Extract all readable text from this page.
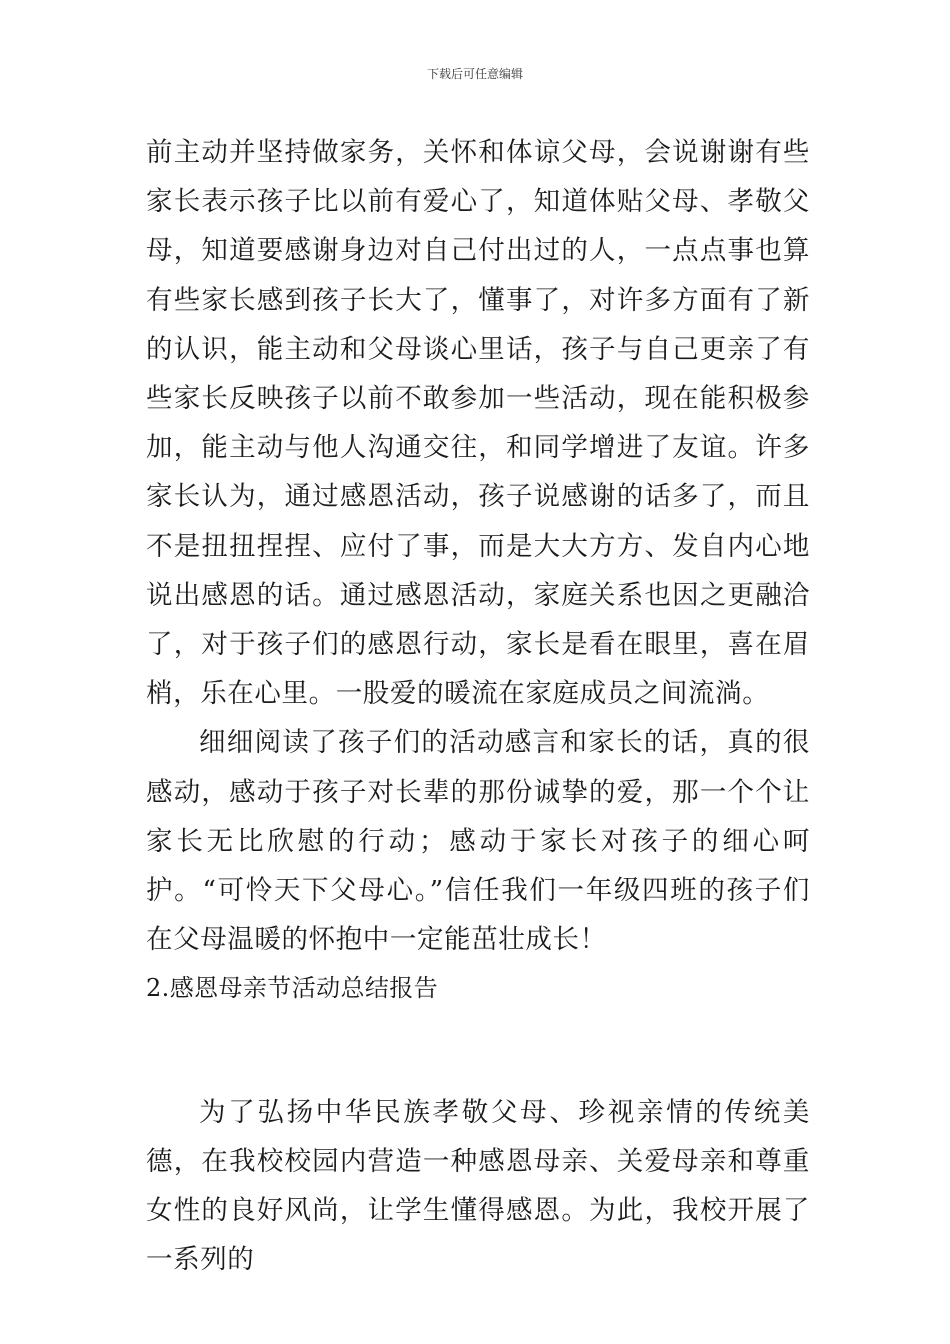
下载后可任意编辑

前主动并坚持做家务，关怀和体谅父母，会说谢谢有些家长表示孩子比以前有爱心了，知道体贴父母、孝敬父母，知道要感谢身边对自己付出过的人，一点点事也算有些家长感到孩子长大了，懂事了，对许多方面有了新的认识，能主动和父母谈心里话，孩子与自己更亲了有些家长反映孩子以前不敢参加一些活动，现在能积极参加，能主动与他人沟通交往，和同学增进了友谊。许多家长认为，通过感恩活动，孩子说感谢的话多了，而且不是扭扭捏捏、应付了事，而是大大方方、发自内心地说出感恩的话。通过感恩活动，家庭关系也因之更融洽了，对于孩子们的感恩行动，家长是看在眼里，喜在眉梢，乐在心里。一股爱的暖流在家庭成员之间流淌。

细细阅读了孩子们的活动感言和家长的话，真的很感动，感动于孩子对长辈的那份诚挚的爱，那一个个让家长无比欣慰的行动；感动于家长对孩子的细心呵护。“可怜天下父母心。”信任我们一年级四班的孩子们在父母温暖的怀抱中一定能茁壮成长！

2.感恩母亲节活动总结报告

为了弘扬中华民族孝敬父母、珍视亲情的传统美德，在我校校园内营造一种感恩母亲、关爱母亲和尊重女性的良好风尚，让学生懂得感恩。为此，我校开展了一系列的
